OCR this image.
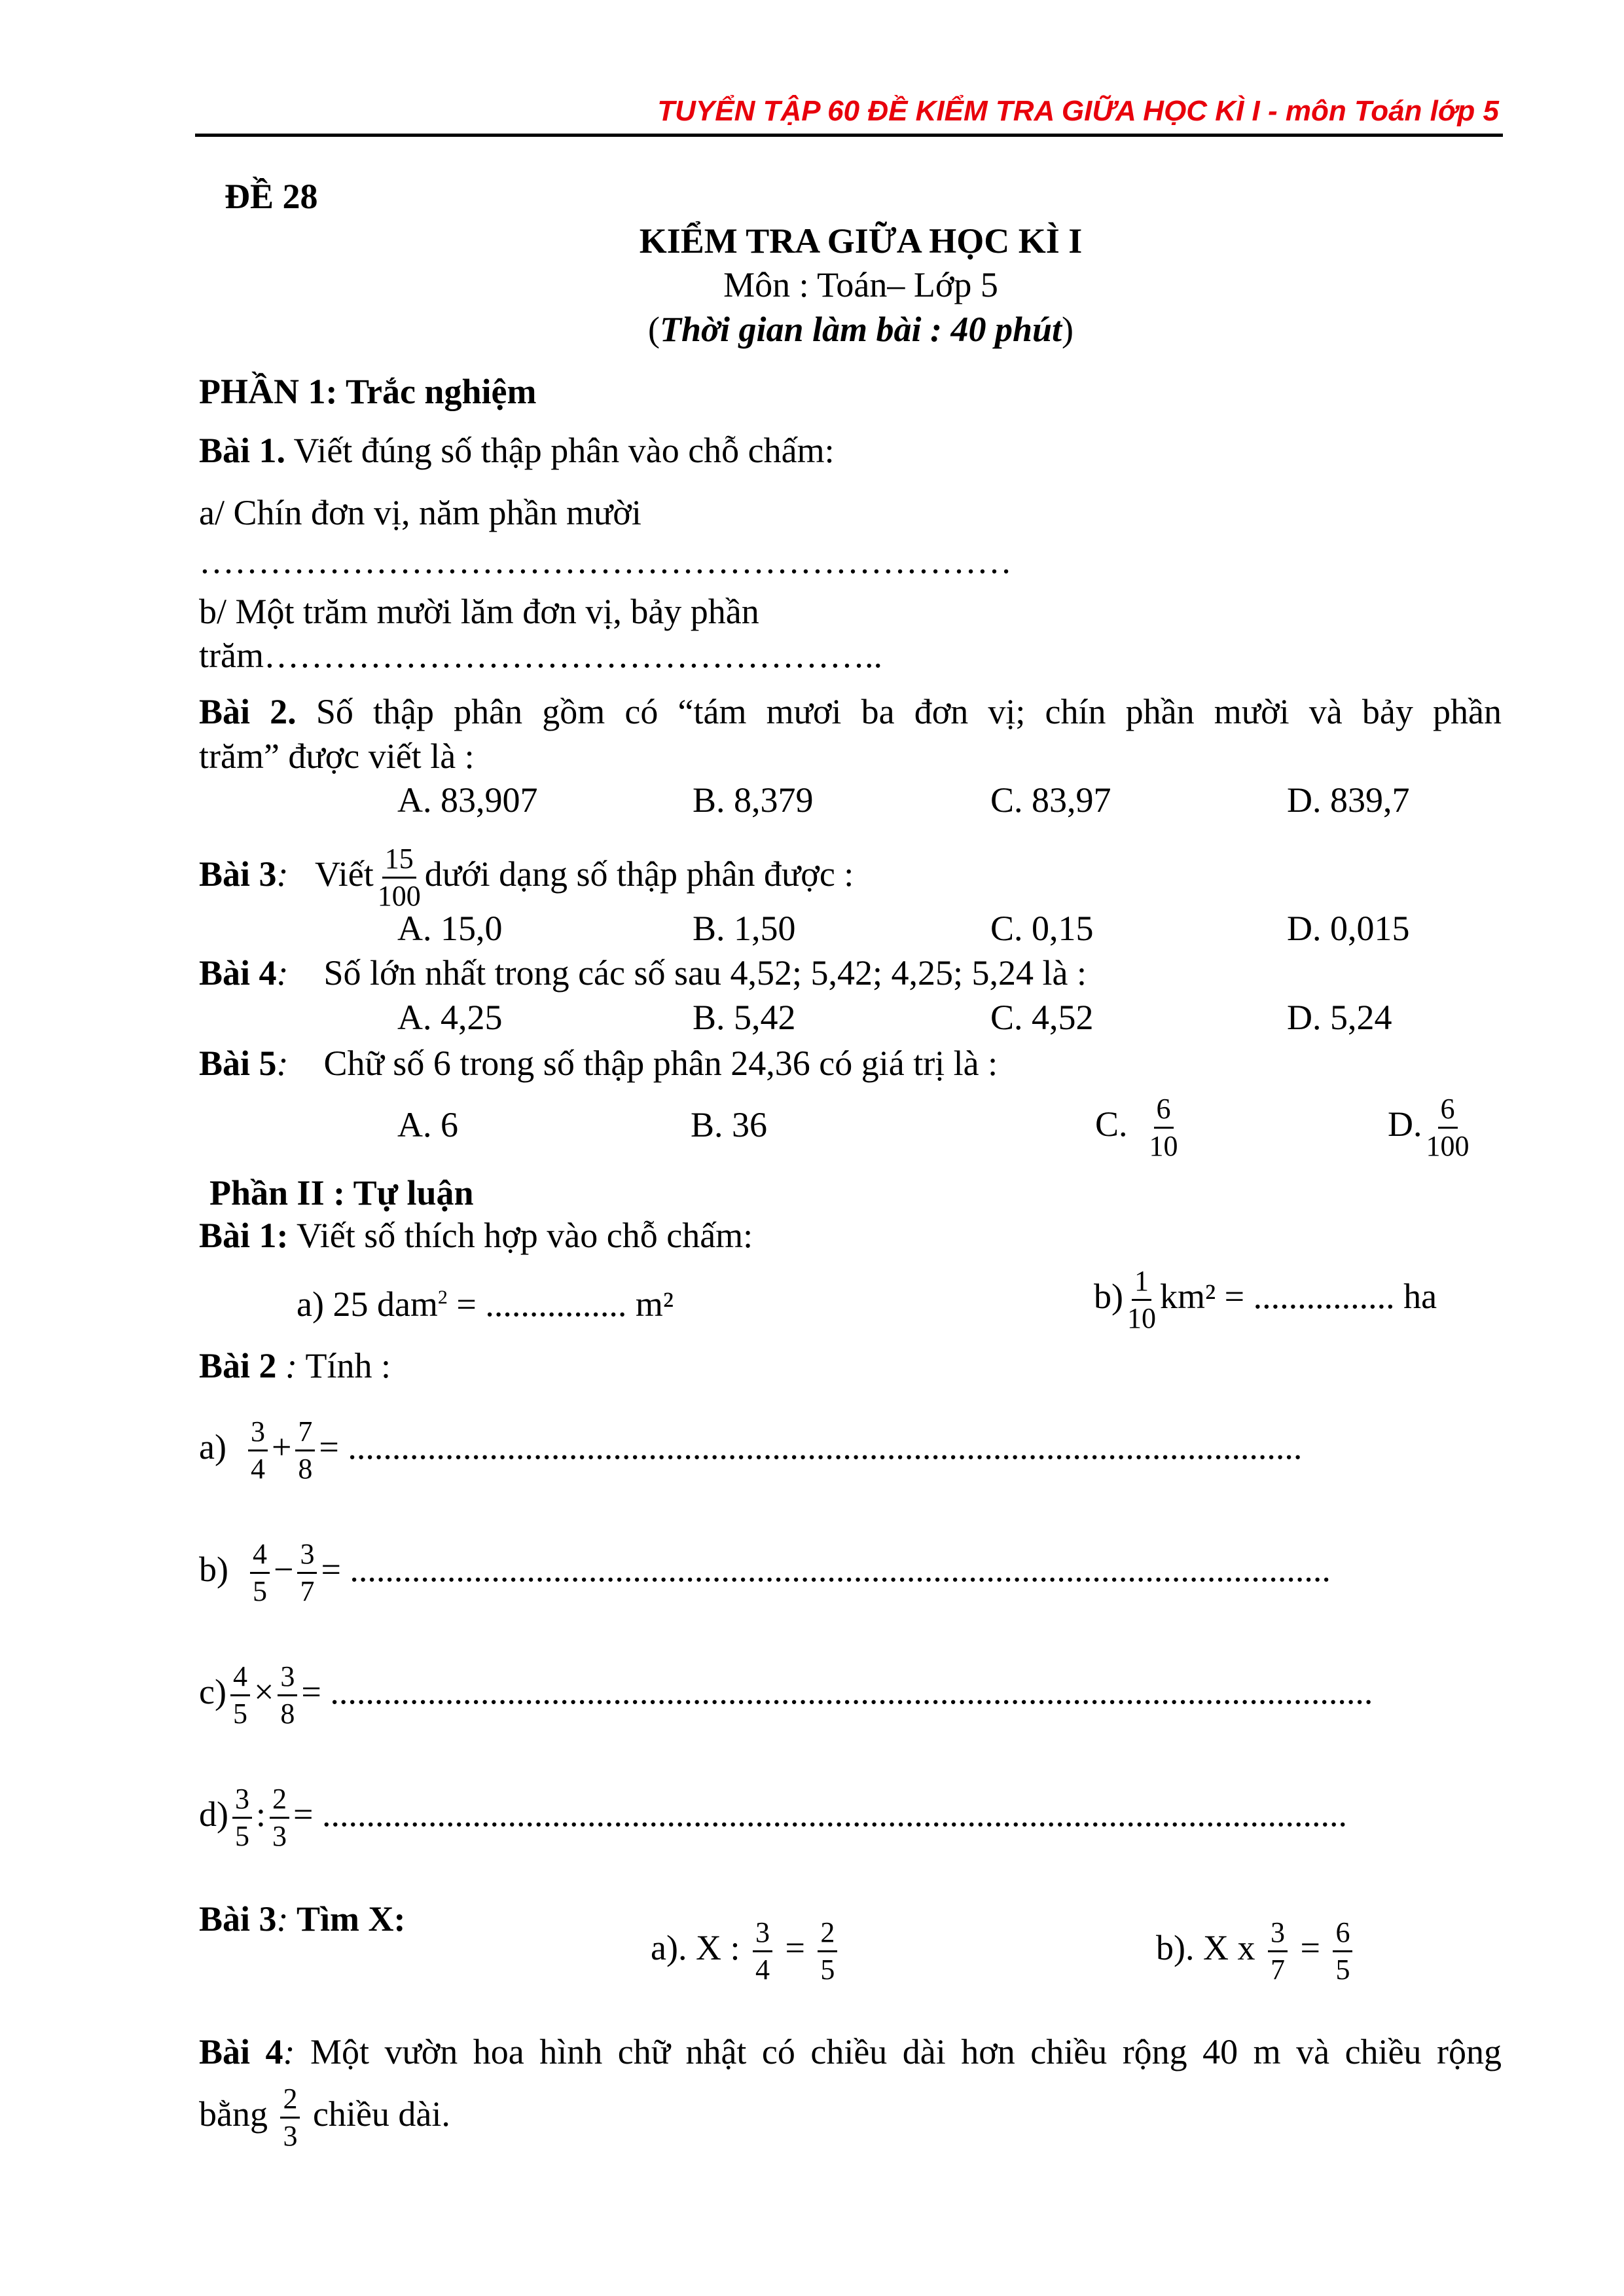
TUYỂN TẬP 60 ĐỀ KIỂM TRA GIỮA HỌC KÌ I - môn Toán lớp 5
ĐỀ 28
KIỂM TRA GIỮA HỌC KÌ I
Môn : Toán– Lớp 5
(Thời gian làm bài : 40 phút)
PHẦN 1: Trắc nghiệm
Bài 1. Viết đúng số thập phân vào chỗ chấm:
a/ Chín đơn vị, năm phần mười
……………………………………………………………
b/ Một trăm mười lăm đơn vị, bảy phần
trăm……………………………………………..
Bài 2. Số thập phân gồm có “tám mươi ba đơn vị; chín phần mười và bảy phần
trăm” được viết là :
A. 83,907	B. 8,379	C. 83,97	D. 839,7
Bài 3: Viết $\frac{15}{100}$ dưới dạng số thập phân được :
A. 15,0	B. 1,50	C. 0,15	D. 0,015
Bài 4: Số lớn nhất trong các số sau 4,52; 5,42; 4,25; 5,24 là :
A. 4,25	B. 5,42	C. 4,52	D. 5,24
Bài 5: Chữ số 6 trong số thập phân 24,36 có giá trị là :
A. 6	B. 36	C. $\frac{6}{10}$	D. $\frac{6}{100}$
Phần II : Tự luận
Bài 1: Viết số thích hợp vào chỗ chấm:
a) 25 dam$^2$ = ................ m²	$b) \frac{1}{10} km^2$ = ................ ha
Bài 2 : Tính :
$a) \frac{3}{4} + \frac{7}{8}$ = ............................................................................................................
$b) \frac{4}{5} - \frac{3}{7}$ = ...............................................................................................................
$c) \frac{4}{5} \times \frac{3}{8}$ = ......................................................................................................................
$d) \frac{3}{5}$ : $\frac{2}{3}$ = ....................................................................................................................
Bài 3: Tìm X:
a). X : $\frac{3}{4} = \frac{2}{5}$	b). X x $\frac{3}{7} = \frac{6}{5}$
Bài 4: Một vườn hoa hình chữ nhật có chiều dài hơn chiều rộng 40 m và chiều rộng
bằng $\frac{2}{3}$ chiều dài.
